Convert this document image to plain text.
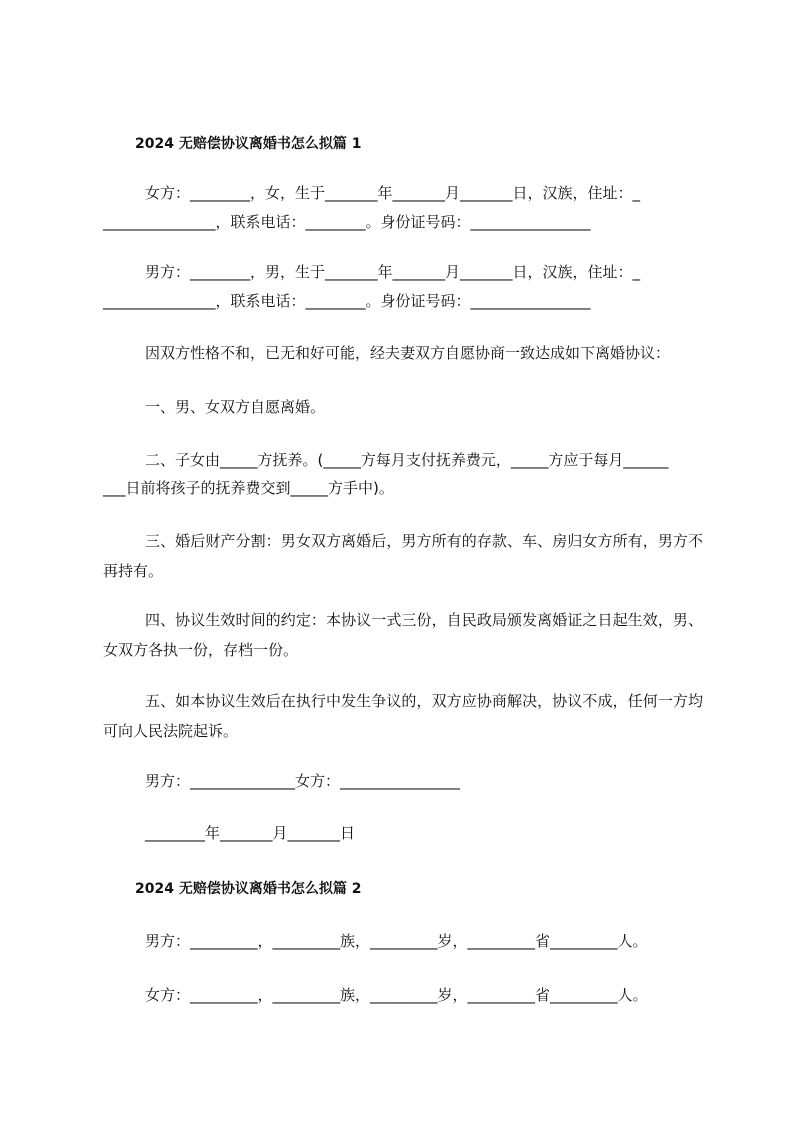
2024 无赔偿协议离婚书怎么拟篇 1
女方：________，女，生于_______年_______月_______日，汉族，住址：_
_______________，联系电话：________。身份证号码：________________
男方：________，男，生于_______年_______月_______日，汉族，住址：_
_______________，联系电话：________。身份证号码：________________
因双方性格不和，已无和好可能，经夫妻双方自愿协商一致达成如下离婚协议：
一、男、女双方自愿离婚。
二、子女由_____方抚养。(_____方每月支付抚养费元，_____方应于每月______
___日前将孩子的抚养费交到_____方手中)。
三、婚后财产分割：男女双方离婚后，男方所有的存款、车、房归女方所有，男方不再持有。
四、协议生效时间的约定：本协议一式三份，自民政局颁发离婚证之日起生效，男、女双方各执一份，存档一份。
五、如本协议生效后在执行中发生争议的，双方应协商解决，协议不成，任何一方均可向人民法院起诉。
男方：______________女方：________________
________年_______月_______日
2024 无赔偿协议离婚书怎么拟篇 2
男方：_________，_________族，_________岁，_________省_________人。
女方：_________，_________族，_________岁，_________省_________人。
